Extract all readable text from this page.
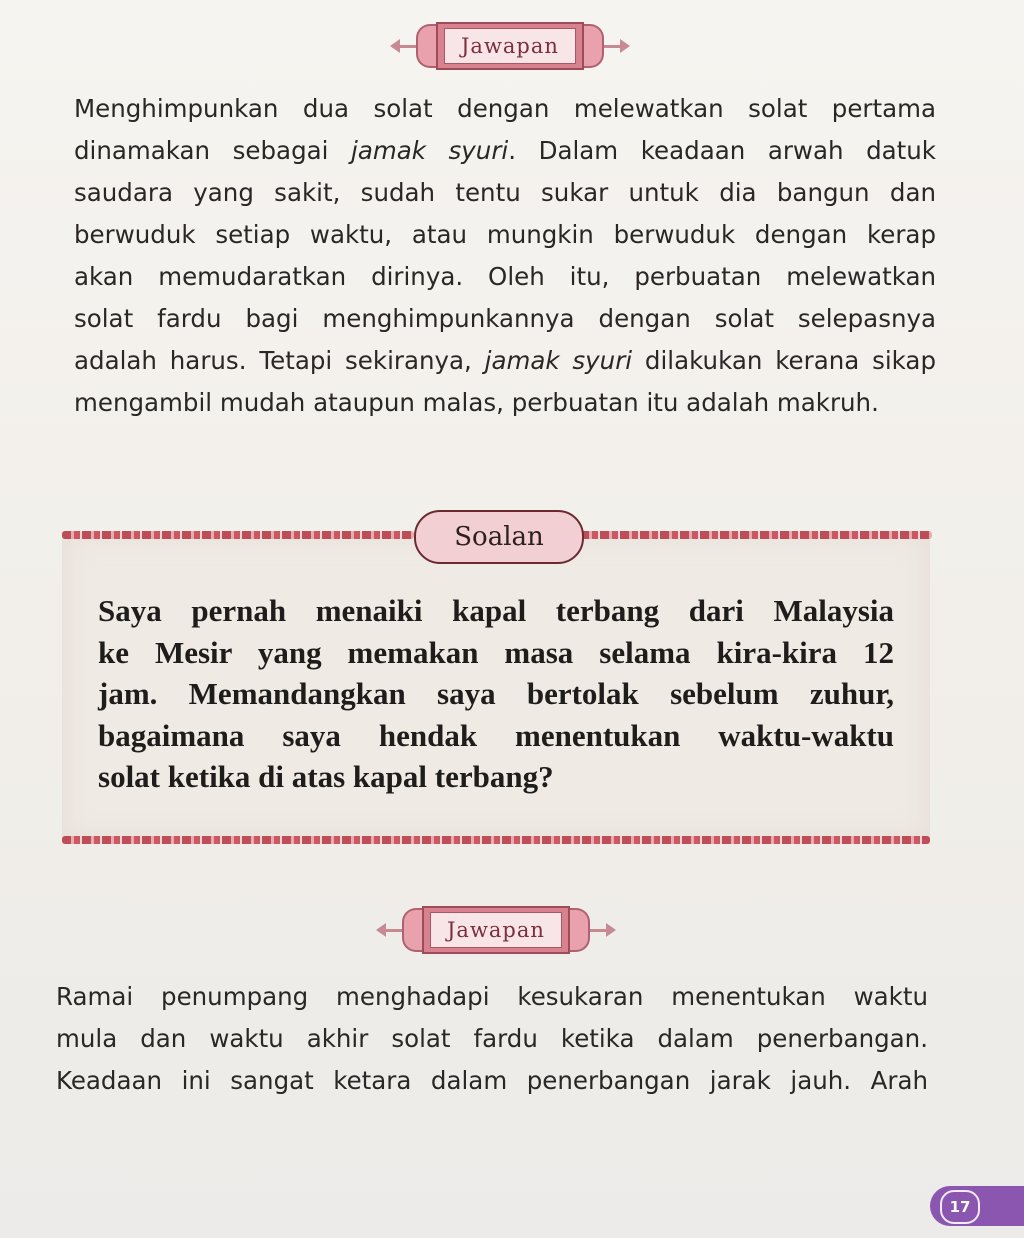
Jawapan
Menghimpunkan dua solat dengan melewatkan solat pertama
dinamakan sebagai jamak syuri. Dalam keadaan arwah datuk
saudara yang sakit, sudah tentu sukar untuk dia bangun dan
berwuduk setiap waktu, atau mungkin berwuduk dengan kerap
akan memudaratkan dirinya. Oleh itu, perbuatan melewatkan
solat fardu bagi menghimpunkannya dengan solat selepasnya
adalah harus. Tetapi sekiranya, jamak syuri dilakukan kerana sikap
mengambil mudah ataupun malas, perbuatan itu adalah makruh.
Soalan
Saya pernah menaiki kapal terbang dari Malaysia
ke Mesir yang memakan masa selama kira-kira 12
jam. Memandangkan saya bertolak sebelum zuhur,
bagaimana saya hendak menentukan waktu-waktu
solat ketika di atas kapal terbang?
Jawapan
Ramai penumpang menghadapi kesukaran menentukan waktu
mula dan waktu akhir solat fardu ketika dalam penerbangan.
Keadaan ini sangat ketara dalam penerbangan jarak jauh. Arah
17
